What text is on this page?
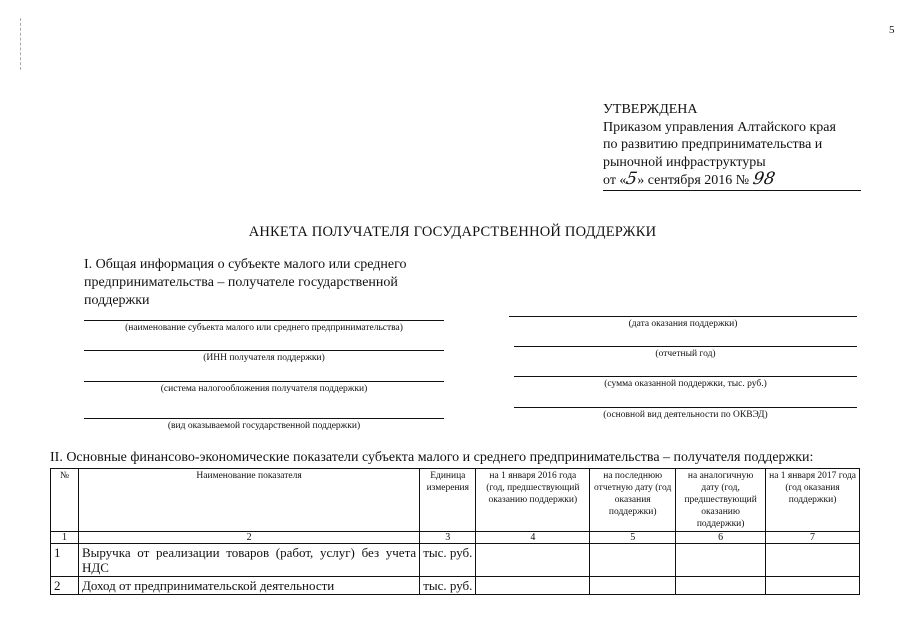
5
УТВЕРЖДЕНА
Приказом управления Алтайского края
по развитию предпринимательства и
рыночной инфраструктуры
от «5» сентября 2016 № 98
АНКЕТА ПОЛУЧАТЕЛЯ ГОСУДАРСТВЕННОЙ ПОДДЕРЖКИ
I. Общая информация о субъекте малого или среднего предпринимательства – получателе государственной поддержки
(наименование субъекта малого или среднего предпринимательства)
(ИНН получателя поддержки)
(система налогообложения получателя поддержки)
(вид оказываемой государственной поддержки)
(дата оказания поддержки)
(отчетный год)
(сумма оказанной поддержки, тыс. руб.)
(основной вид деятельности по ОКВЭД)
II. Основные финансово-экономические показатели субъекта малого и среднего предпринимательства – получателя поддержки:
№	Наименование показателя	Единица измерения	на 1 января 2016 года (год, предшествующий оказанию поддержки)	на последнюю отчетную дату (год оказания поддержки)	на аналогичную дату (год, предшествующий оказанию поддержки)	на 1 января 2017 года (год оказания поддержки)
1	2	3	4	5	6	7
1	Выручка от реализации товаров (работ, услуг) без учета НДС	тыс. руб.				
2	Доход от предпринимательской деятельности	тыс. руб.				
